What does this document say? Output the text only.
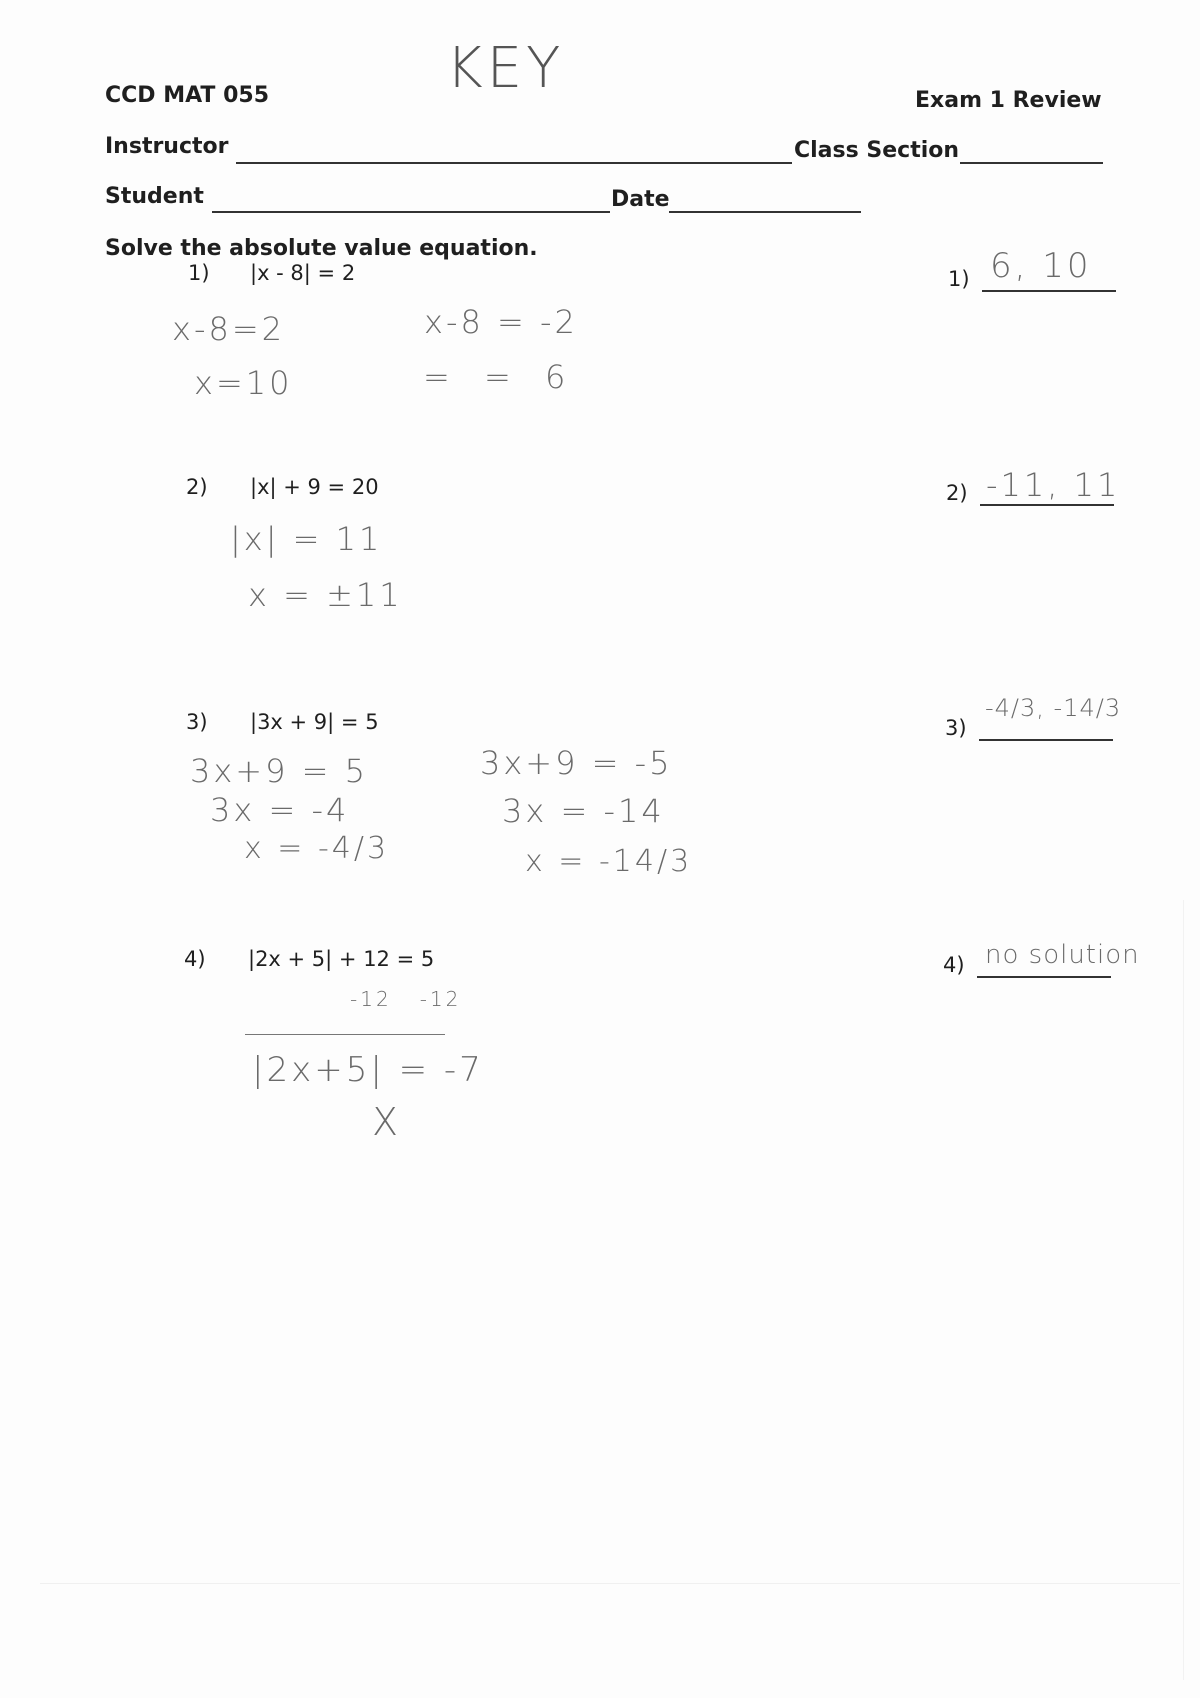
KEY
CCD MAT 055	Exam 1 Review
Instructor	Class Section
Student	Date
Solve the absolute value equation.
1) |x - 8| = 2	1) 6, 10
x-8=2
x=10
x-8 = -2
= = 6
2) |x| + 9 = 20	2) -11, 11
|x| = 11
x = ±11
3) |3x + 9| = 5	3)
-4/3, -14/3
3x+9 = 5
3x = -4
x = -4/3
3x+9 = -5
3x = -14
x = -14/3
4) |2x + 5| + 12 = 5	4) no solution
-12   -12
|2x+5| = -7
X
